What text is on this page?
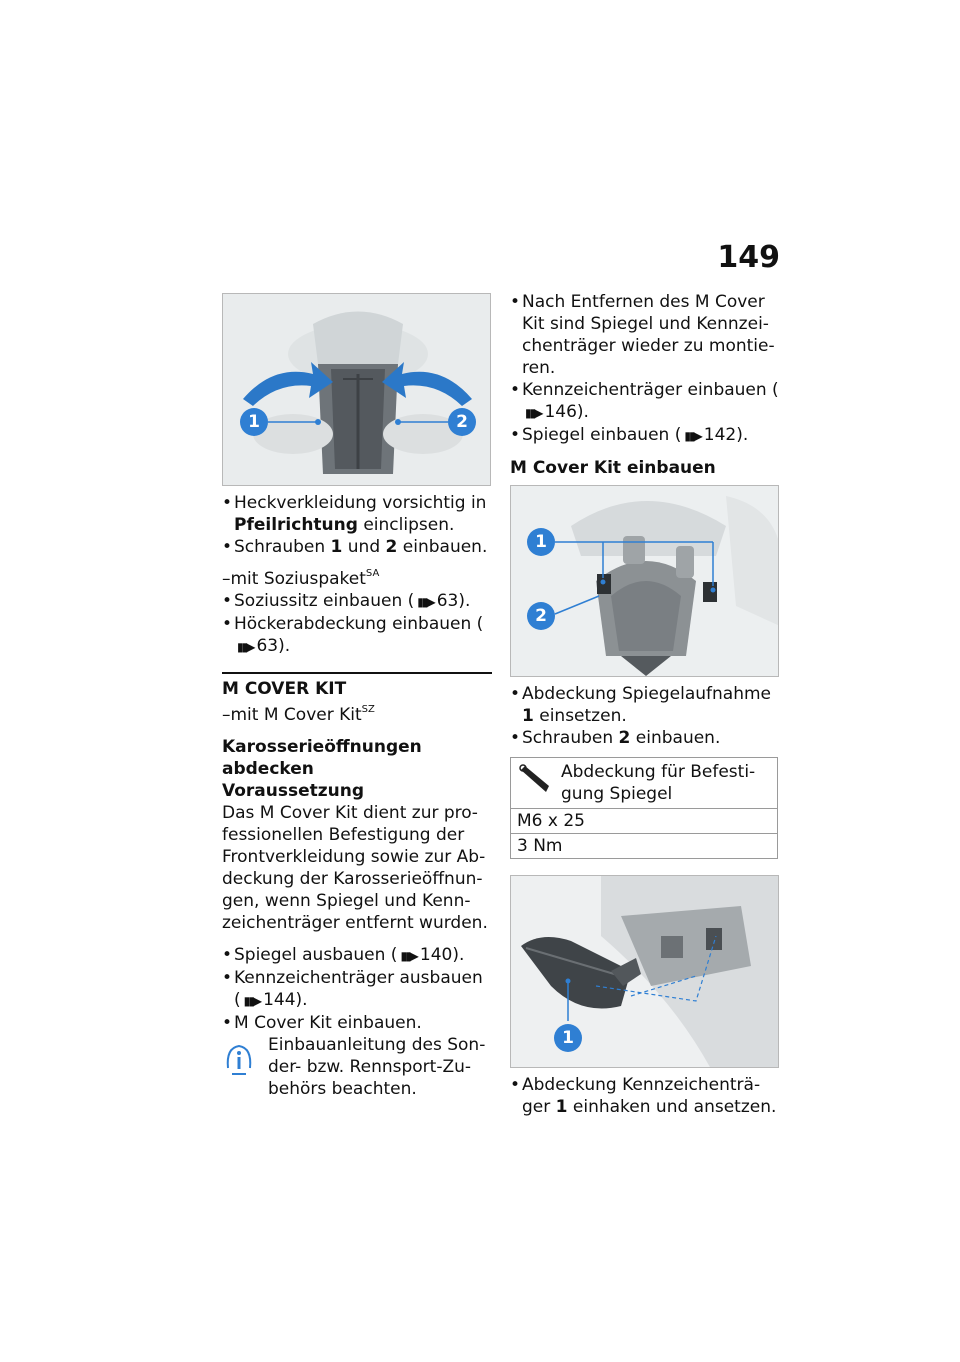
149
1	2
• Heckverkleidung vorsichtig in Pfeilrichtung einclipsen.
• Schrauben 1 und 2 einbauen.
–mit Soziuspaket$^{SA}$
• Soziussitz einbauen ( ▮▮▶ 63).
• Höckerabdeckung einbauen (▮▮▶ 63).
M COVER KIT
–mit M Cover Kit$^{SZ}$
Karosserieöffnungen abdecken
Voraussetzung
Das M Cover Kit dient zur professionellen Befestigung der Frontverkleidung sowie zur Abdeckung der Karosserieöffnungen, wenn Spiegel und Kennzeichenträger entfernt wurden.
• Spiegel ausbauen ( ▮▮▶ 140).
• Kennzeichenträger ausbauen ( ▮▮▶ 144).
• M Cover Kit einbauen.
Einbauanleitung des Sonder- bzw. Rennsport-Zubehörs beachten.
• Nach Entfernen des M Cover Kit sind Spiegel und Kennzeichenträger wieder zu montieren.
• Kennzeichenträger einbauen (▮▮▶ 146).
• Spiegel einbauen ( ▮▮▶ 142).
M Cover Kit einbauen
1
2
• Abdeckung Spiegelaufnahme 1 einsetzen.
• Schrauben 2 einbauen.
Abdeckung für Befestigung Spiegel
M6 x 25
3 Nm
1
• Abdeckung Kennzeichenträger 1 einhaken und ansetzen.
